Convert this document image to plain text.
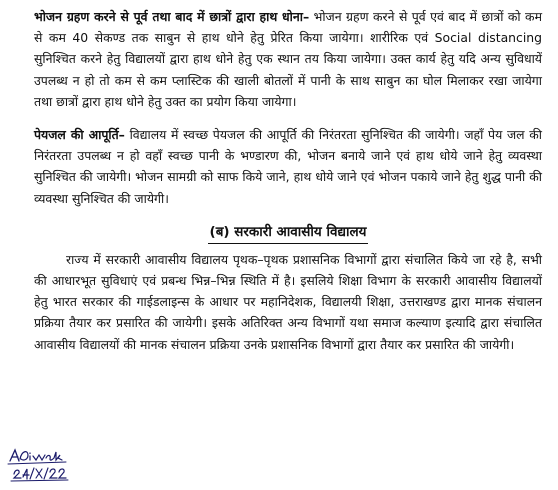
भोजन ग्रहण करने से पूर्व तथा बाद में छात्रों द्वारा हाथ धोना– भोजन ग्रहण करने से पूर्व एवं बाद में छात्रों को कम से कम 40 सेकण्ड तक साबुन से हाथ धोने हेतु प्रेरित किया जायेगा। शारीरिक एवं Social distancing सुनिश्चित करने हेतु विद्यालयों द्वारा हाथ धोने हेतु एक स्थान तय किया जायेगा। उक्त कार्य हेतु यदि अन्य सुविधायें उपलब्ध न हो तो कम से कम प्लास्टिक की खाली बोतलों में पानी के साथ साबुन का घोल मिलाकर रखा जायेगा तथा छात्रों द्वारा हाथ धोने हेतु उक्त का प्रयोग किया जायेगा।

पेयजल की आपूर्ति– विद्यालय में स्वच्छ पेयजल की आपूर्ति की निरंतरता सुनिश्चित की जायेगी। जहॉं पेय जल की निरंतरता उपलब्ध न हो वहॉं स्वच्छ पानी के भण्डारण की, भोजन बनाये जाने एवं हाथ धोये जाने हेतु व्यवस्था सुनिश्चित की जायेगी। भोजन सामग्री को साफ किये जाने, हाथ धोये जाने एवं भोजन पकाये जाने हेतु शुद्ध पानी की व्यवस्था सुनिश्चित की जायेगी।

(ब) सरकारी आवासीय विद्यालय

राज्य में सरकारी आवासीय विद्यालय पृथक–पृथक प्रशासनिक विभागों द्वारा संचालित किये जा रहे है, सभी की आधारभूत सुविधाएं एवं प्रबन्ध भिन्न–भिन्न स्थिति में है। इसलिये शिक्षा विभाग के सरकारी आवासीय विद्यालयों हेतु भारत सरकार की गाईडलाइन्स के आधार पर महानिदेशक, विद्यालयी शिक्षा, उत्तराखण्ड द्वारा मानक संचालन प्रक्रिया तैयार कर प्रसारित की जायेगी। इसके अतिरिक्त अन्य विभागों यथा समाज कल्याण इत्यादि द्वारा संचालित आवासीय विद्यालयों की मानक संचालन प्रक्रिया उनके प्रशासनिक विभागों द्वारा तैयार कर प्रसारित की जायेगी।
